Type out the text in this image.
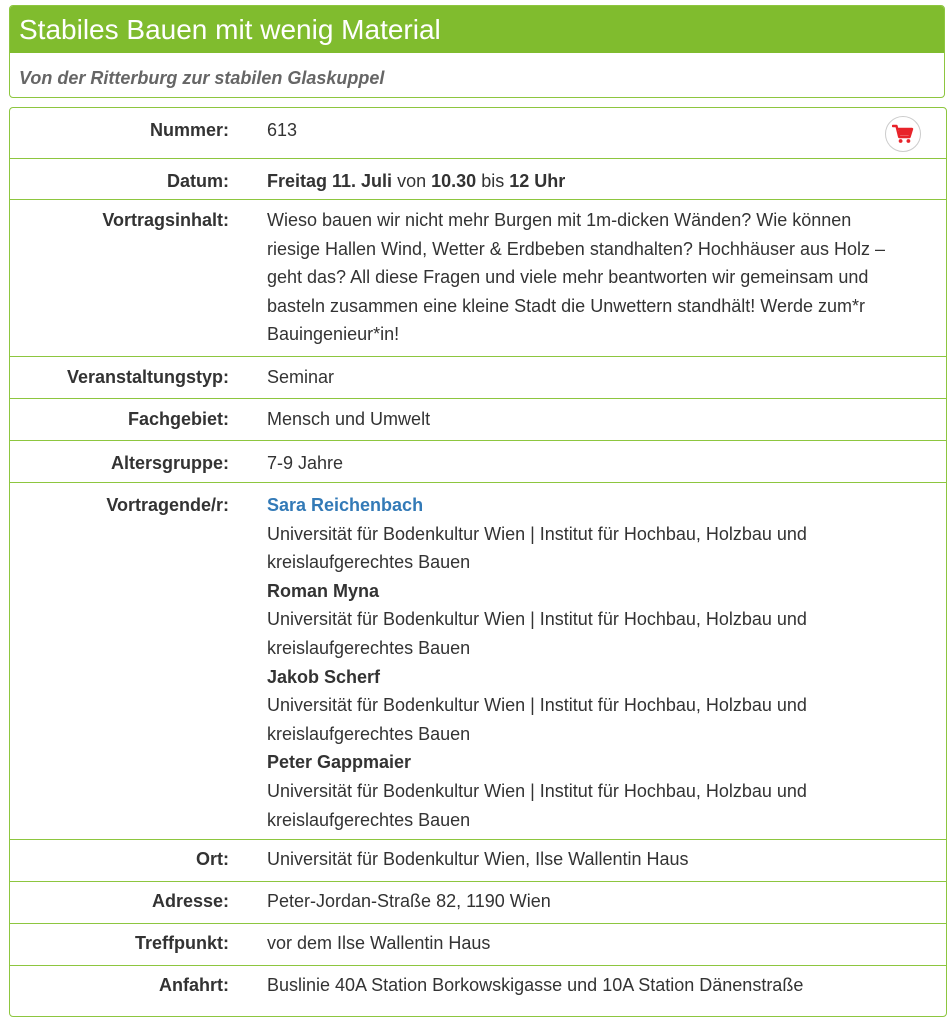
Stabiles Bauen mit wenig Material
Von der Ritterburg zur stabilen Glaskuppel
Nummer: 613
Datum: Freitag 11. Juli von 10.30 bis 12 Uhr
Vortragsinhalt: Wieso bauen wir nicht mehr Burgen mit 1m-dicken Wänden? Wie können riesige Hallen Wind, Wetter & Erdbeben standhalten? Hochhäuser aus Holz – geht das? All diese Fragen und viele mehr beantworten wir gemeinsam und basteln zusammen eine kleine Stadt die Unwettern standhält! Werde zum*r Bauingenieur*in!
Veranstaltungstyp: Seminar
Fachgebiet: Mensch und Umwelt
Altersgruppe: 7-9 Jahre
Vortragende/r: Sara Reichenbach
Universität für Bodenkultur Wien | Institut für Hochbau, Holzbau und kreislaufgerechtes Bauen
Roman Myna
Universität für Bodenkultur Wien | Institut für Hochbau, Holzbau und kreislaufgerechtes Bauen
Jakob Scherf
Universität für Bodenkultur Wien | Institut für Hochbau, Holzbau und kreislaufgerechtes Bauen
Peter Gappmaier
Universität für Bodenkultur Wien | Institut für Hochbau, Holzbau und kreislaufgerechtes Bauen
Ort: Universität für Bodenkultur Wien, Ilse Wallentin Haus
Adresse: Peter-Jordan-Straße 82, 1190 Wien
Treffpunkt: vor dem Ilse Wallentin Haus
Anfahrt: Buslinie 40A Station Borkowskigasse und 10A Station Dänenstraße
